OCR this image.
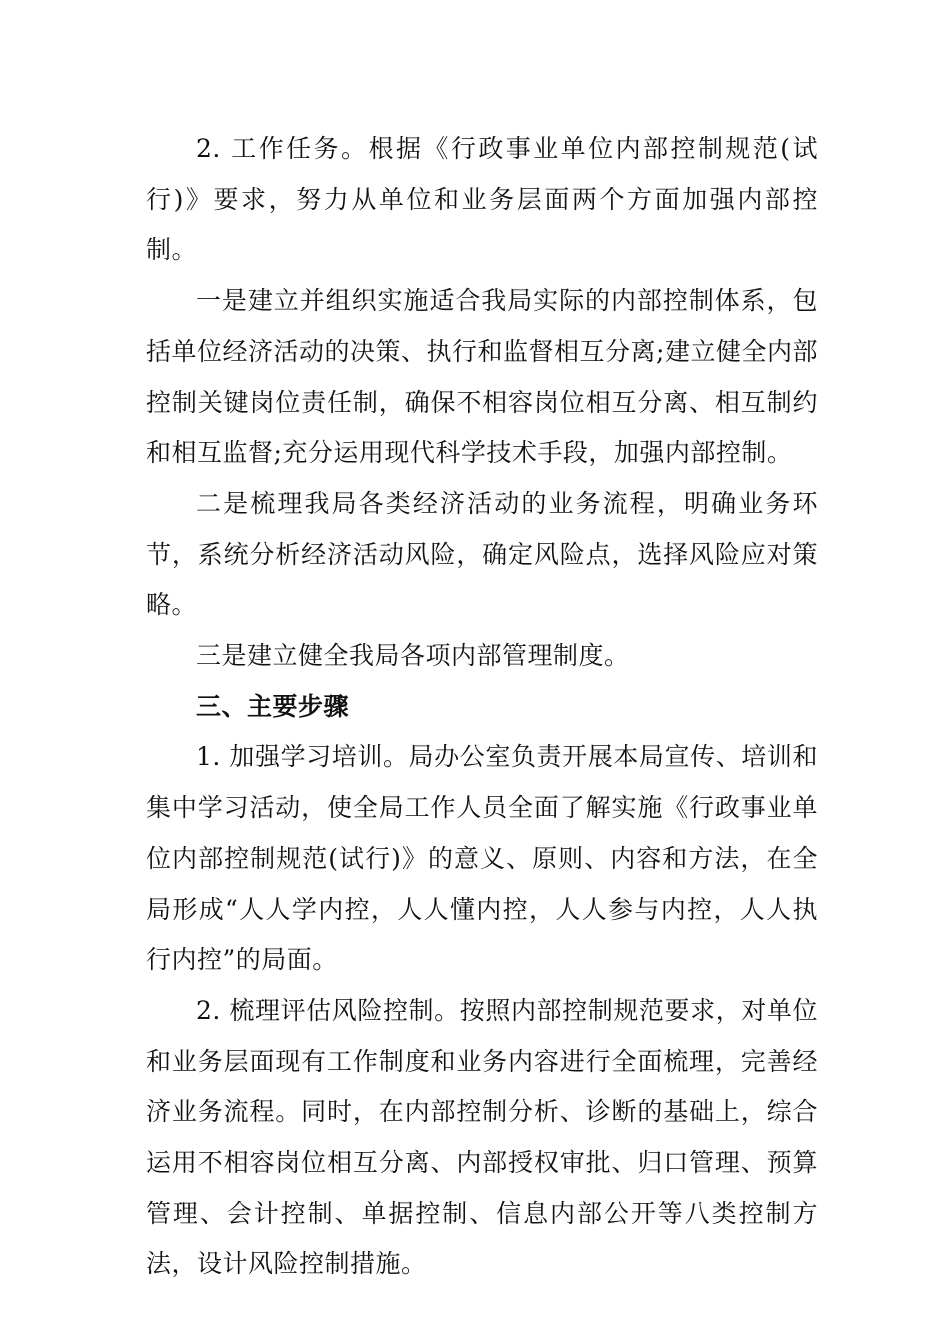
2. 工作任务。根据《行政事业单位内部控制规范(试行)》要求，努力从单位和业务层面两个方面加强内部控制。

一是建立并组织实施适合我局实际的内部控制体系，包括单位经济活动的决策、执行和监督相互分离;建立健全内部控制关键岗位责任制，确保不相容岗位相互分离、相互制约和相互监督;充分运用现代科学技术手段，加强内部控制。

二是梳理我局各类经济活动的业务流程，明确业务环节，系统分析经济活动风险，确定风险点，选择风险应对策略。

三是建立健全我局各项内部管理制度。

三、主要步骤

1. 加强学习培训。局办公室负责开展本局宣传、培训和集中学习活动，使全局工作人员全面了解实施《行政事业单位内部控制规范(试行)》的意义、原则、内容和方法，在全局形成“人人学内控，人人懂内控，人人参与内控，人人执行内控”的局面。

2. 梳理评估风险控制。按照内部控制规范要求，对单位和业务层面现有工作制度和业务内容进行全面梳理，完善经济业务流程。同时，在内部控制分析、诊断的基础上，综合运用不相容岗位相互分离、内部授权审批、归口管理、预算管理、会计控制、单据控制、信息内部公开等八类控制方法，设计风险控制措施。
